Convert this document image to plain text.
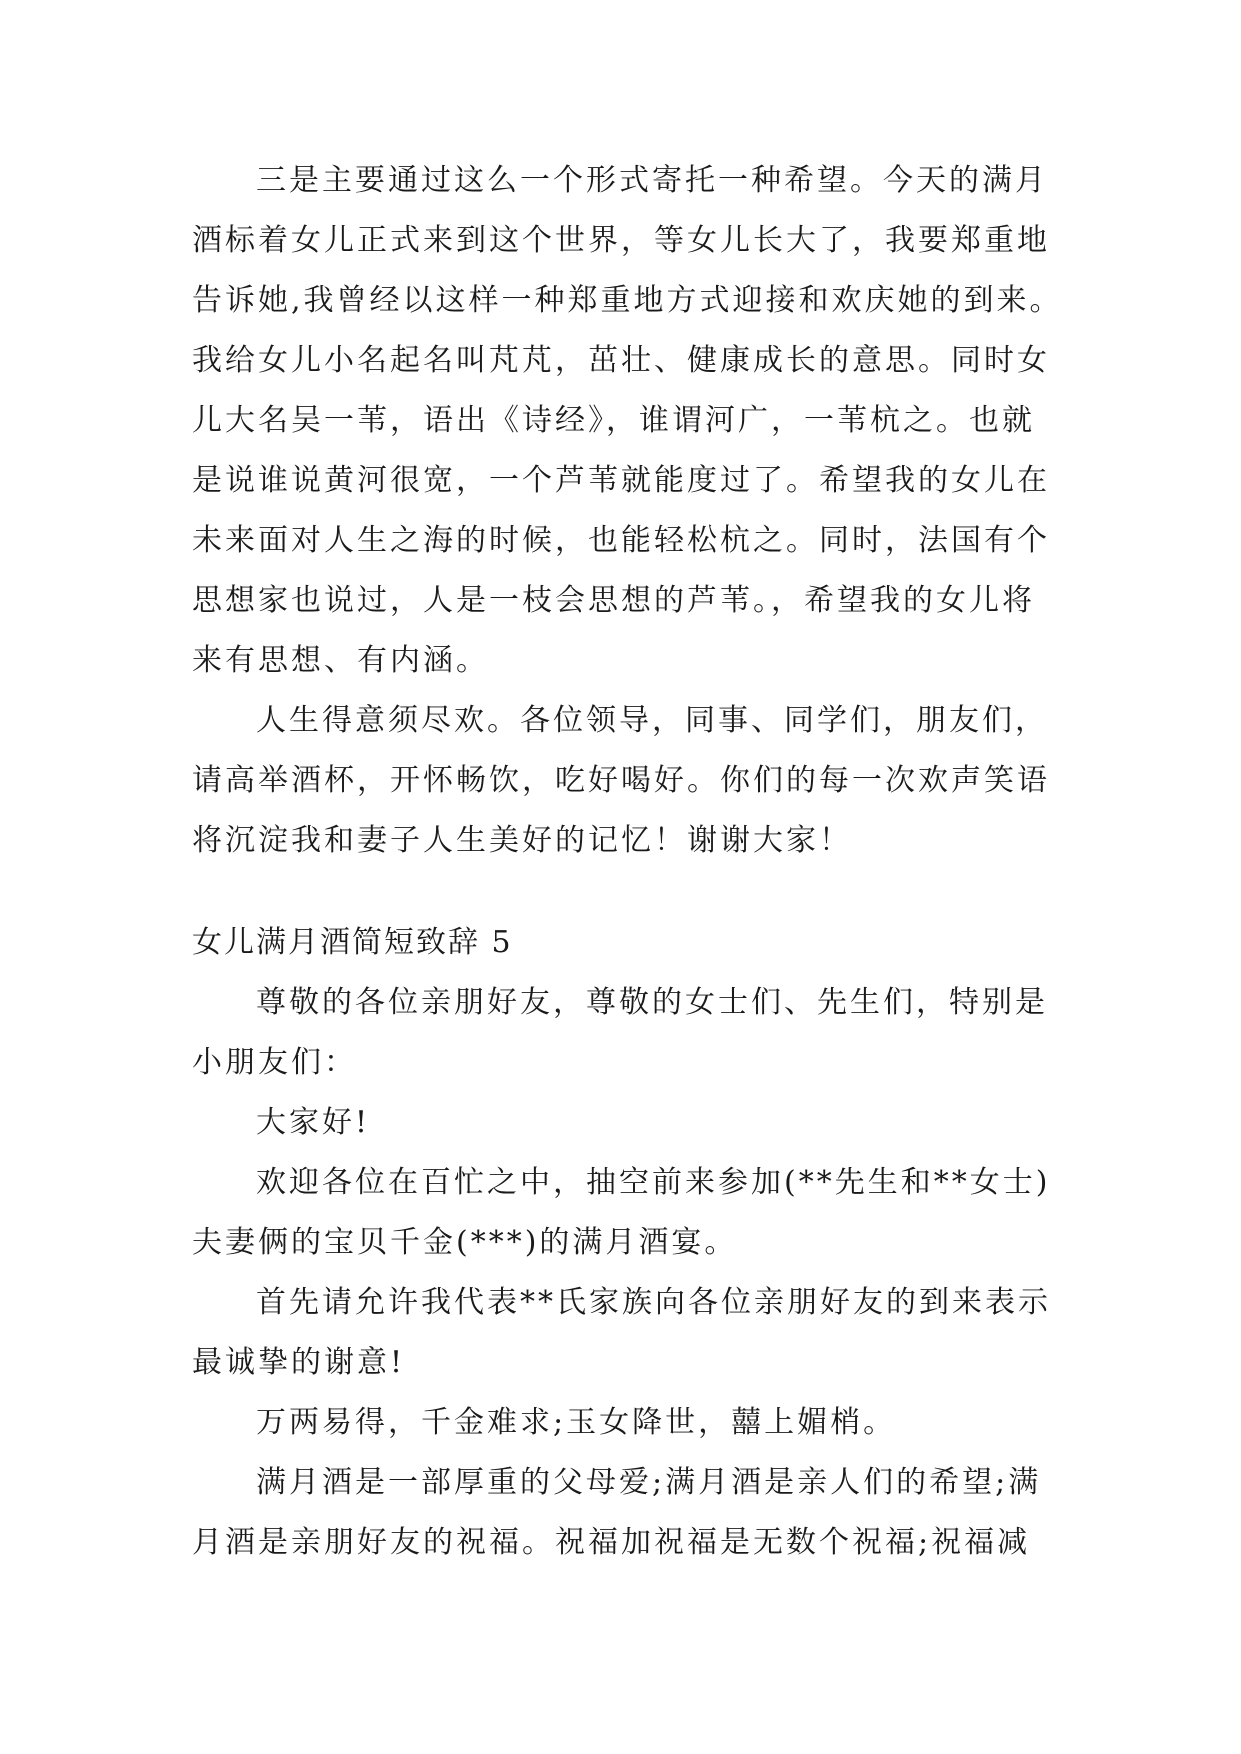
三是主要通过这么一个形式寄托一种希望。今天的满月
酒标着女儿正式来到这个世界，等女儿长大了，我要郑重地
告诉她,我曾经以这样一种郑重地方式迎接和欢庆她的到来。
我给女儿小名起名叫芃芃，茁壮、健康成长的意思。同时女
儿大名吴一苇，语出《诗经》，谁谓河广，一苇杭之。也就
是说谁说黄河很宽，一个芦苇就能度过了。希望我的女儿在
未来面对人生之海的时候，也能轻松杭之。同时，法国有个
思想家也说过，人是一枝会思想的芦苇。，希望我的女儿将
来有思想、有内涵。
人生得意须尽欢。各位领导，同事、同学们，朋友们，
请高举酒杯，开怀畅饮，吃好喝好。你们的每一次欢声笑语
将沉淀我和妻子人生美好的记忆！谢谢大家！
女儿满月酒简短致辞 5
尊敬的各位亲朋好友，尊敬的女士们、先生们，特别是
小朋友们：
大家好!
欢迎各位在百忙之中，抽空前来参加(**先生和**女士)
夫妻俩的宝贝千金(***)的满月酒宴。
首先请允许我代表**氏家族向各位亲朋好友的到来表示
最诚挚的谢意!
万两易得，千金难求;玉女降世，囍上媚梢。
满月酒是一部厚重的父母爱;满月酒是亲人们的希望;满
月酒是亲朋好友的祝福。祝福加祝福是无数个祝福;祝福减
